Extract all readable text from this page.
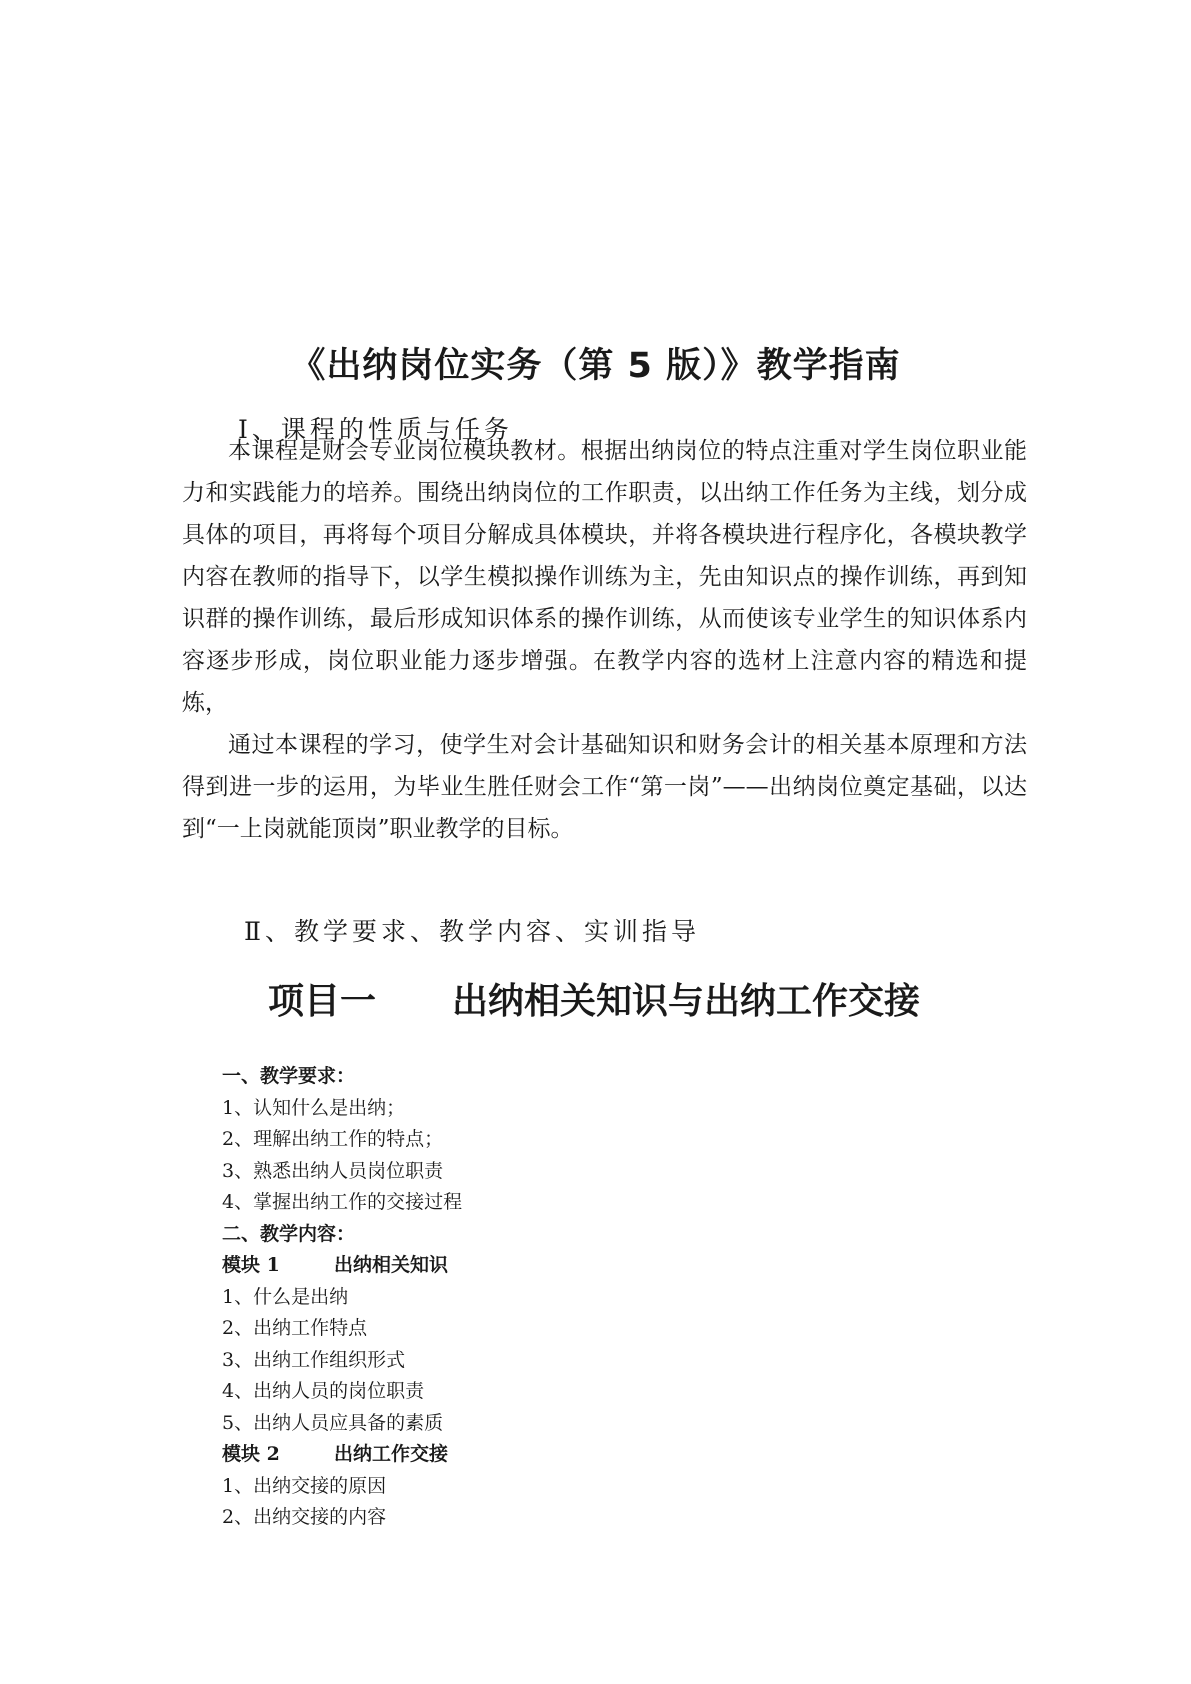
《出纳岗位实务（第 5 版）》教学指南
Ⅰ、课程的性质与任务

本课程是财会专业岗位模块教材。根据出纳岗位的特点注重对学生岗位职业能力和实践能力的培养。围绕出纳岗位的工作职责，以出纳工作任务为主线，划分成具体的项目，再将每个项目分解成具体模块，并将各模块进行程序化，各模块教学内容在教师的指导下，以学生模拟操作训练为主，先由知识点的操作训练，再到知识群的操作训练，最后形成知识体系的操作训练，从而使该专业学生的知识体系内容逐步形成，岗位职业能力逐步增强。在教学内容的选材上注意内容的精选和提炼，

通过本课程的学习，使学生对会计基础知识和财务会计的相关基本原理和方法得到进一步的运用，为毕业生胜任财会工作“第一岗”——出纳岗位奠定基础，以达到“一上岗就能顶岗”职业教学的目标。

Ⅱ、教学要求、教学内容、实训指导
项目一 出纳相关知识与出纳工作交接
一、教学要求：
1、认知什么是出纳；
2、理解出纳工作的特点；
3、熟悉出纳人员岗位职责
4、掌握出纳工作的交接过程
二、教学内容：
模块 1	出纳相关知识
1、什么是出纳
2、出纳工作特点
3、出纳工作组织形式
4、出纳人员的岗位职责
5、出纳人员应具备的素质
模块 2	出纳工作交接
1、出纳交接的原因
2、出纳交接的内容
